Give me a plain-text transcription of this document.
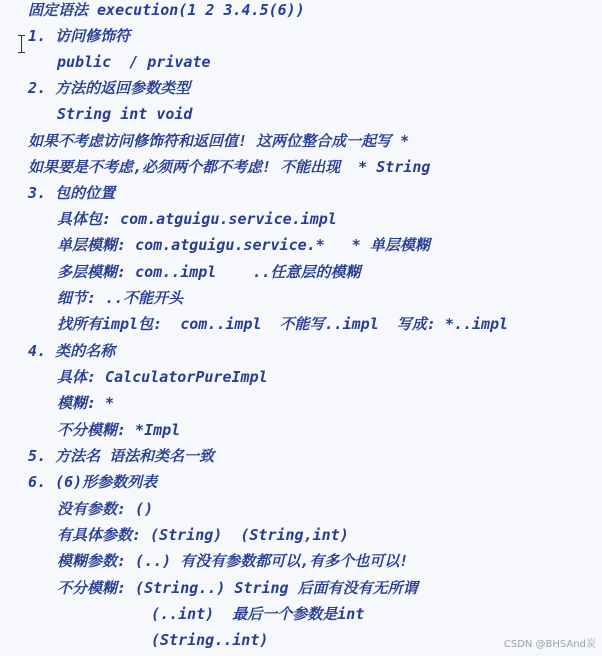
固定语法 execution(1 2 3.4.5(6))
1. 访问修饰符
public  / private
2. 方法的返回参数类型
String int void
如果不考虑访问修饰符和返回值! 这两位整合成一起写 *
如果要是不考虑,必须两个都不考虑! 不能出现  * String
3. 包的位置
具体包: com.atguigu.service.impl
单层模糊: com.atguigu.service.*   * 单层模糊
多层模糊: com..impl    ..任意层的模糊
细节: ..不能开头
找所有impl包:  com..impl  不能写..impl  写成: *..impl
4. 类的名称
具体: CalculatorPureImpl
模糊: *
不分模糊: *Impl
5. 方法名 语法和类名一致
6. (6)形参数列表
没有参数: ()
有具体参数: (String)  (String,int)
模糊参数: (..) 有没有参数都可以,有多个也可以!
不分模糊: (String..) String 后面有没有无所谓
(..int)  最后一个参数是int
(String..int)	CSDN @BHSAnd炭
